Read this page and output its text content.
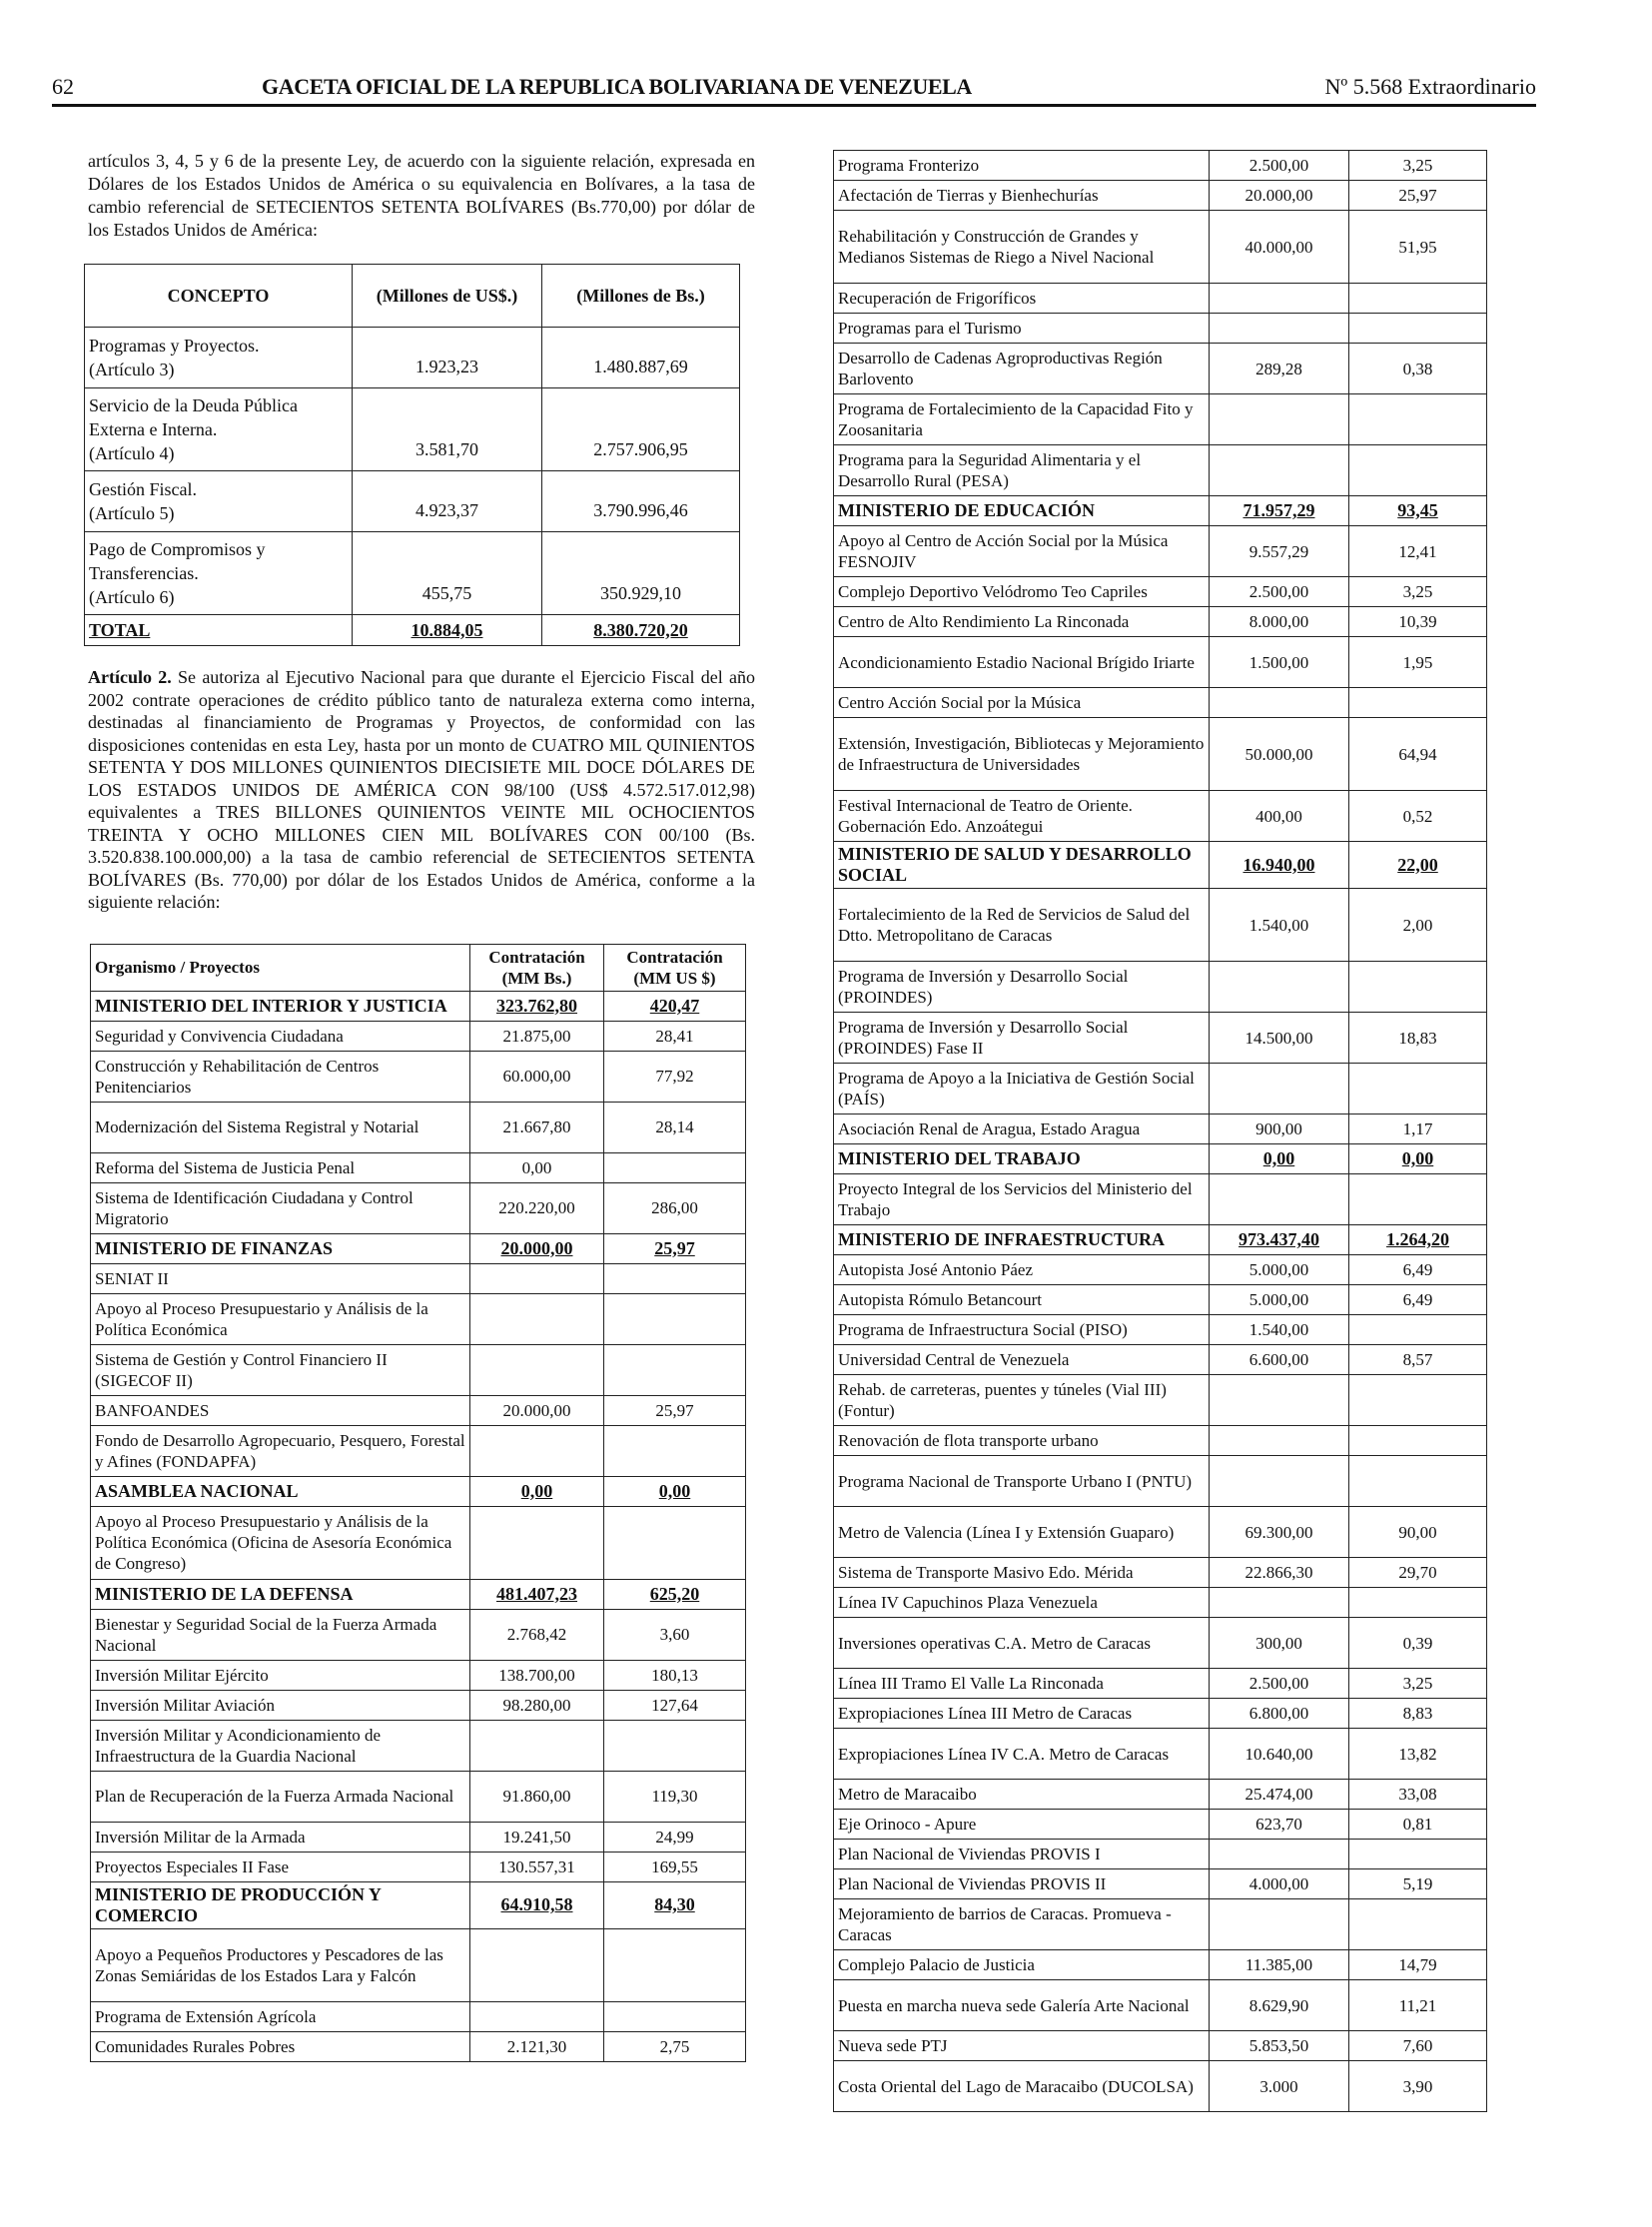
62	GACETA OFICIAL DE LA REPUBLICA BOLIVARIANA DE VENEZUELA	Nº 5.568 Extraordinario

artículos 3, 4, 5 y 6 de la presente Ley, de acuerdo con la siguiente relación, expresada en Dólares de los Estados Unidos de América o su equivalencia en Bolívares, a la tasa de cambio referencial de SETECIENTOS SETENTA BOLÍVARES (Bs.770,00) por dólar de los Estados Unidos de América:

CONCEPTO	(Millones de US$.)	(Millones de Bs.)
Programas y Proyectos.
(Artículo 3)	1.923,23	1.480.887,69
Servicio de la Deuda Pública Externa e Interna.
(Artículo 4)	3.581,70	2.757.906,95
Gestión Fiscal.
(Artículo 5)	4.923,37	3.790.996,46
Pago de Compromisos y Transferencias.
(Artículo 6)	455,75	350.929,10
TOTAL	10.884,05	8.380.720,20

Artículo 2. Se autoriza al Ejecutivo Nacional para que durante el Ejercicio Fiscal del año 2002 contrate operaciones de crédito público tanto de naturaleza externa como interna, destinadas al financiamiento de Programas y Proyectos, de conformidad con las disposiciones contenidas en esta Ley, hasta por un monto de CUATRO MIL QUINIENTOS SETENTA Y DOS MILLONES QUINIENTOS DIECISIETE MIL DOCE DÓLARES DE LOS ESTADOS UNIDOS DE AMÉRICA CON 98/100 (US$ 4.572.517.012,98) equivalentes a TRES BILLONES QUINIENTOS VEINTE MIL OCHOCIENTOS TREINTA Y OCHO MILLONES CIEN MIL BOLÍVARES CON 00/100 (Bs. 3.520.838.100.000,00) a la tasa de cambio referencial de SETECIENTOS SETENTA BOLÍVARES (Bs. 770,00) por dólar de los Estados Unidos de América, conforme a la siguiente relación:

Organismo / Proyectos	Contratación (MM Bs.)	Contratación (MM US $)
MINISTERIO DEL INTERIOR Y JUSTICIA	323.762,80	420,47
Seguridad y Convivencia Ciudadana	21.875,00	28,41
Construcción y Rehabilitación de Centros Penitenciarios	60.000,00	77,92
Modernización del Sistema Registral y Notarial	21.667,80	28,14
Reforma del Sistema de Justicia Penal	0,00	
Sistema de Identificación Ciudadana y Control Migratorio	220.220,00	286,00
MINISTERIO DE FINANZAS	20.000,00	25,97
SENIAT II		
Apoyo al Proceso Presupuestario y Análisis de la Política Económica		
Sistema de Gestión y Control Financiero II (SIGECOF II)		
BANFOANDES	20.000,00	25,97
Fondo de Desarrollo Agropecuario, Pesquero, Forestal y Afines (FONDAPFA)		
ASAMBLEA NACIONAL	0,00	0,00
Apoyo al Proceso Presupuestario y Análisis de la Política Económica (Oficina de Asesoría Económica de Congreso)		
MINISTERIO DE LA DEFENSA	481.407,23	625,20
Bienestar y Seguridad Social de la Fuerza Armada Nacional	2.768,42	3,60
Inversión Militar Ejército	138.700,00	180,13
Inversión Militar Aviación	98.280,00	127,64
Inversión Militar y Acondicionamiento de Infraestructura de la Guardia Nacional		
Plan de Recuperación de la Fuerza Armada Nacional	91.860,00	119,30
Inversión Militar de la Armada	19.241,50	24,99
Proyectos Especiales II Fase	130.557,31	169,55
MINISTERIO DE PRODUCCIÓN Y COMERCIO	64.910,58	84,30
Apoyo a Pequeños Productores y Pescadores de las Zonas Semiáridas de los Estados Lara y Falcón		
Programa de Extensión Agrícola		
Comunidades Rurales Pobres	2.121,30	2,75
Programa Fronterizo	2.500,00	3,25
Afectación de Tierras y Bienhechurías	20.000,00	25,97
Rehabilitación y Construcción de Grandes y Medianos Sistemas de Riego a Nivel Nacional	40.000,00	51,95
Recuperación de Frigoríficos		
Programas para el Turismo		
Desarrollo de Cadenas Agroproductivas Región Barlovento	289,28	0,38
Programa de Fortalecimiento de la Capacidad Fito y Zoosanitaria		
Programa para la Seguridad Alimentaria y el Desarrollo Rural (PESA)		
MINISTERIO DE EDUCACIÓN	71.957,29	93,45
Apoyo al Centro de Acción Social por la Música FESNOJIV	9.557,29	12,41
Complejo Deportivo Velódromo Teo Capriles	2.500,00	3,25
Centro de Alto Rendimiento La Rinconada	8.000,00	10,39
Acondicionamiento Estadio Nacional Brígido Iriarte	1.500,00	1,95
Centro Acción Social por la Música		
Extensión, Investigación, Bibliotecas y Mejoramiento de Infraestructura de Universidades	50.000,00	64,94
Festival Internacional de Teatro de Oriente. Gobernación Edo. Anzoátegui	400,00	0,52
MINISTERIO DE SALUD Y DESARROLLO SOCIAL	16.940,00	22,00
Fortalecimiento de la Red de Servicios de Salud del Dtto. Metropolitano de Caracas	1.540,00	2,00
Programa de Inversión y Desarrollo Social (PROINDES)		
Programa de Inversión y Desarrollo Social (PROINDES) Fase II	14.500,00	18,83
Programa de Apoyo a la Iniciativa de Gestión Social (PAÍS)		
Asociación Renal de Aragua, Estado Aragua	900,00	1,17
MINISTERIO DEL TRABAJO	0,00	0,00
Proyecto Integral de los Servicios del Ministerio del Trabajo		
MINISTERIO DE INFRAESTRUCTURA	973.437,40	1.264,20
Autopista José Antonio Páez	5.000,00	6,49
Autopista Rómulo Betancourt	5.000,00	6,49
Programa de Infraestructura Social (PISO)	1.540,00	
Universidad Central de Venezuela	6.600,00	8,57
Rehab. de carreteras, puentes y túneles (Vial III) (Fontur)		
Renovación de flota transporte urbano		
Programa Nacional de Transporte Urbano I (PNTU)		
Metro de Valencia (Línea I y Extensión Guaparo)	69.300,00	90,00
Sistema de Transporte Masivo Edo. Mérida	22.866,30	29,70
Línea IV Capuchinos Plaza Venezuela		
Inversiones operativas C.A. Metro de Caracas	300,00	0,39
Línea III Tramo El Valle La Rinconada	2.500,00	3,25
Expropiaciones Línea III Metro de Caracas	6.800,00	8,83
Expropiaciones Línea IV C.A. Metro de Caracas	10.640,00	13,82
Metro de Maracaibo	25.474,00	33,08
Eje Orinoco - Apure	623,70	0,81
Plan Nacional de Viviendas PROVIS I		
Plan Nacional de Viviendas PROVIS II	4.000,00	5,19
Mejoramiento de barrios de Caracas. Promueva -Caracas		
Complejo Palacio de Justicia	11.385,00	14,79
Puesta en marcha nueva sede Galería Arte Nacional	8.629,90	11,21
Nueva sede PTJ	5.853,50	7,60
Costa Oriental del Lago de Maracaibo (DUCOLSA)	3.000	3,90
